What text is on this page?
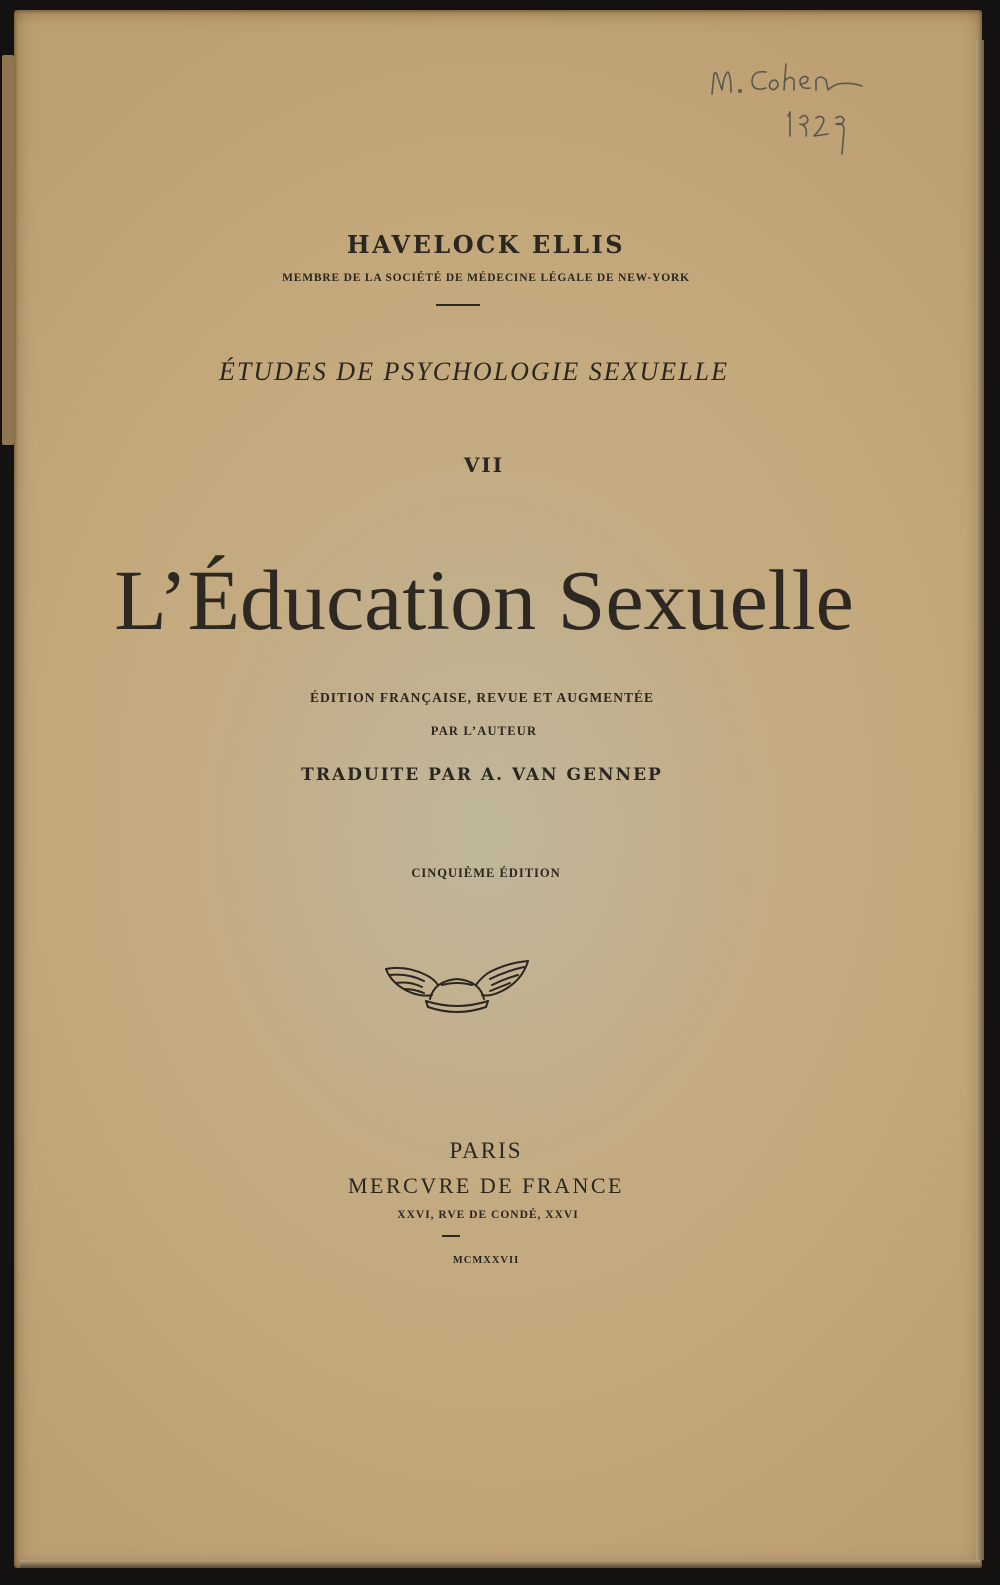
HAVELOCK ELLIS
MEMBRE DE LA SOCIÉTÉ DE MÉDECINE LÉGALE DE NEW-YORK
ÉTUDES DE PSYCHOLOGIE SEXUELLE
VII
L’Éducation Sexuelle
ÉDITION FRANÇAISE, REVUE ET AUGMENTÉE
PAR L’AUTEUR
TRADUITE PAR A. VAN GENNEP
CINQUIÈME ÉDITION
PARIS
MERCVRE DE FRANCE
XXVI, RVE DE CONDÉ, XXVI
MCMXXVII
